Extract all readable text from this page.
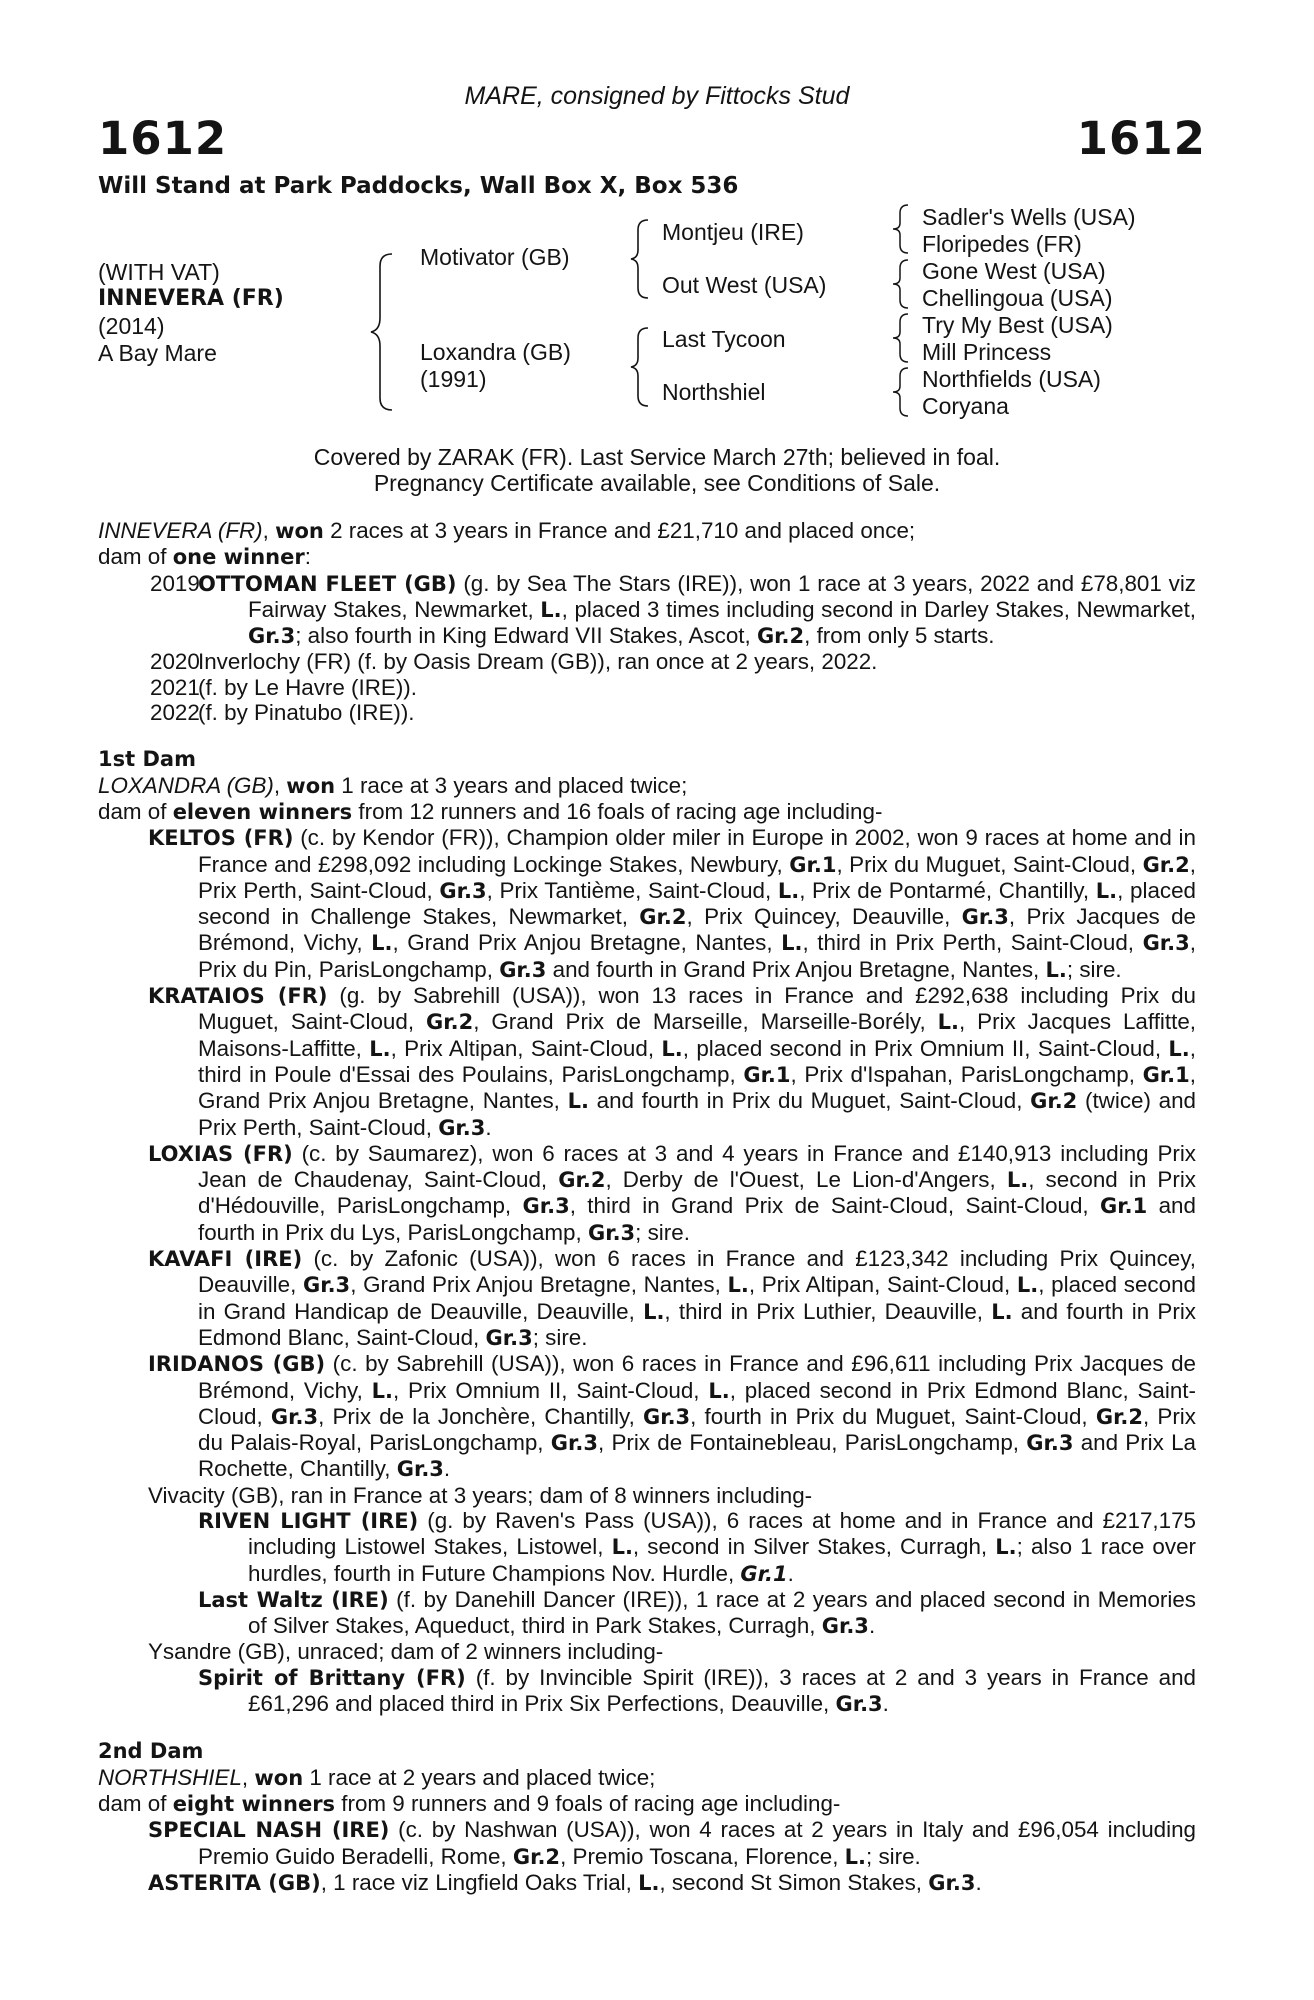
MARE, consigned by Fittocks Stud
1612	1612
Will Stand at Park Paddocks, Wall Box X, Box 536
(WITH VAT)
INNEVERA (FR)
(2014)
A Bay Mare
Motivator (GB)
Loxandra (GB)
(1991)
Montjeu (IRE)
Out West (USA)
Last Tycoon
Northshiel
Sadler's Wells (USA)
Floripedes (FR)
Gone West (USA)
Chellingoua (USA)
Try My Best (USA)
Mill Princess
Northfields (USA)
Coryana
Covered by ZARAK (FR). Last Service March 27th; believed in foal.
Pregnancy Certificate available, see Conditions of Sale.

INNEVERA (FR), won 2 races at 3 years in France and £21,710 and placed once;

dam of one winner:

2019
OTTOMAN FLEET (GB) (g. by Sea The Stars (IRE)), won 1 race at 3 years, 2022 and £78,801 viz Fairway Stakes, Newmarket, L., placed 3 times including second in Darley Stakes, Newmarket, Gr.3; also fourth in King Edward VII Stakes, Ascot, Gr.2, from only 5 starts.
2020
Inverlochy (FR) (f. by Oasis Dream (GB)), ran once at 2 years, 2022.
2021
(f. by Le Havre (IRE)).
2022
(f. by Pinatubo (IRE)).
1st Dam

LOXANDRA (GB), won 1 race at 3 years and placed twice;

dam of eleven winners from 12 runners and 16 foals of racing age including-

KELTOS (FR) (c. by Kendor (FR)), Champion older miler in Europe in 2002, won 9 races at home and in France and £298,092 including Lockinge Stakes, Newbury, Gr.1, Prix du Muguet, Saint-Cloud, Gr.2, Prix Perth, Saint-Cloud, Gr.3, Prix Tantième, Saint-Cloud, L., Prix de Pontarmé, Chantilly, L., placed second in Challenge Stakes, Newmarket, Gr.2, Prix Quincey, Deauville, Gr.3, Prix Jacques de Brémond, Vichy, L., Grand Prix Anjou Bretagne, Nantes, L., third in Prix Perth, Saint-Cloud, Gr.3, Prix du Pin, ParisLongchamp, Gr.3 and fourth in Grand Prix Anjou Bretagne, Nantes, L.; sire.

KRATAIOS (FR) (g. by Sabrehill (USA)), won 13 races in France and £292,638 including Prix du Muguet, Saint-Cloud, Gr.2, Grand Prix de Marseille, Marseille-Borély, L., Prix Jacques Laffitte, Maisons-Laffitte, L., Prix Altipan, Saint-Cloud, L., placed second in Prix Omnium II, Saint-Cloud, L., third in Poule d'Essai des Poulains, ParisLongchamp, Gr.1, Prix d'Ispahan, ParisLongchamp, Gr.1, Grand Prix Anjou Bretagne, Nantes, L. and fourth in Prix du Muguet, Saint-Cloud, Gr.2 (twice) and Prix Perth, Saint-Cloud, Gr.3.

LOXIAS (FR) (c. by Saumarez), won 6 races at 3 and 4 years in France and £140,913 including Prix Jean de Chaudenay, Saint-Cloud, Gr.2, Derby de l'Ouest, Le Lion-d'Angers, L., second in Prix d'Hédouville, ParisLongchamp, Gr.3, third in Grand Prix de Saint-Cloud, Saint-Cloud, Gr.1 and fourth in Prix du Lys, ParisLongchamp, Gr.3; sire.

KAVAFI (IRE) (c. by Zafonic (USA)), won 6 races in France and £123,342 including Prix Quincey, Deauville, Gr.3, Grand Prix Anjou Bretagne, Nantes, L., Prix Altipan, Saint-Cloud, L., placed second in Grand Handicap de Deauville, Deauville, L., third in Prix Luthier, Deauville, L. and fourth in Prix Edmond Blanc, Saint-Cloud, Gr.3; sire.

IRIDANOS (GB) (c. by Sabrehill (USA)), won 6 races in France and £96,611 including Prix Jacques de Brémond, Vichy, L., Prix Omnium II, Saint-Cloud, L., placed second in Prix Edmond Blanc, Saint-Cloud, Gr.3, Prix de la Jonchère, Chantilly, Gr.3, fourth in Prix du Muguet, Saint-Cloud, Gr.2, Prix du Palais-Royal, ParisLongchamp, Gr.3, Prix de Fontainebleau, ParisLongchamp, Gr.3 and Prix La Rochette, Chantilly, Gr.3.

Vivacity (GB), ran in France at 3 years; dam of 8 winners including-

RIVEN LIGHT (IRE) (g. by Raven's Pass (USA)), 6 races at home and in France and £217,175 including Listowel Stakes, Listowel, L., second in Silver Stakes, Curragh, L.; also 1 race over hurdles, fourth in Future Champions Nov. Hurdle, Gr.1.

Last Waltz (IRE) (f. by Danehill Dancer (IRE)), 1 race at 2 years and placed second in Memories of Silver Stakes, Aqueduct, third in Park Stakes, Curragh, Gr.3.

Ysandre (GB), unraced; dam of 2 winners including-

Spirit of Brittany (FR) (f. by Invincible Spirit (IRE)), 3 races at 2 and 3 years in France and £61,296 and placed third in Prix Six Perfections, Deauville, Gr.3.

2nd Dam

NORTHSHIEL, won 1 race at 2 years and placed twice;

dam of eight winners from 9 runners and 9 foals of racing age including-

SPECIAL NASH (IRE) (c. by Nashwan (USA)), won 4 races at 2 years in Italy and £96,054 including Premio Guido Beradelli, Rome, Gr.2, Premio Toscana, Florence, L.; sire.

ASTERITA (GB), 1 race viz Lingfield Oaks Trial, L., second St Simon Stakes, Gr.3.
